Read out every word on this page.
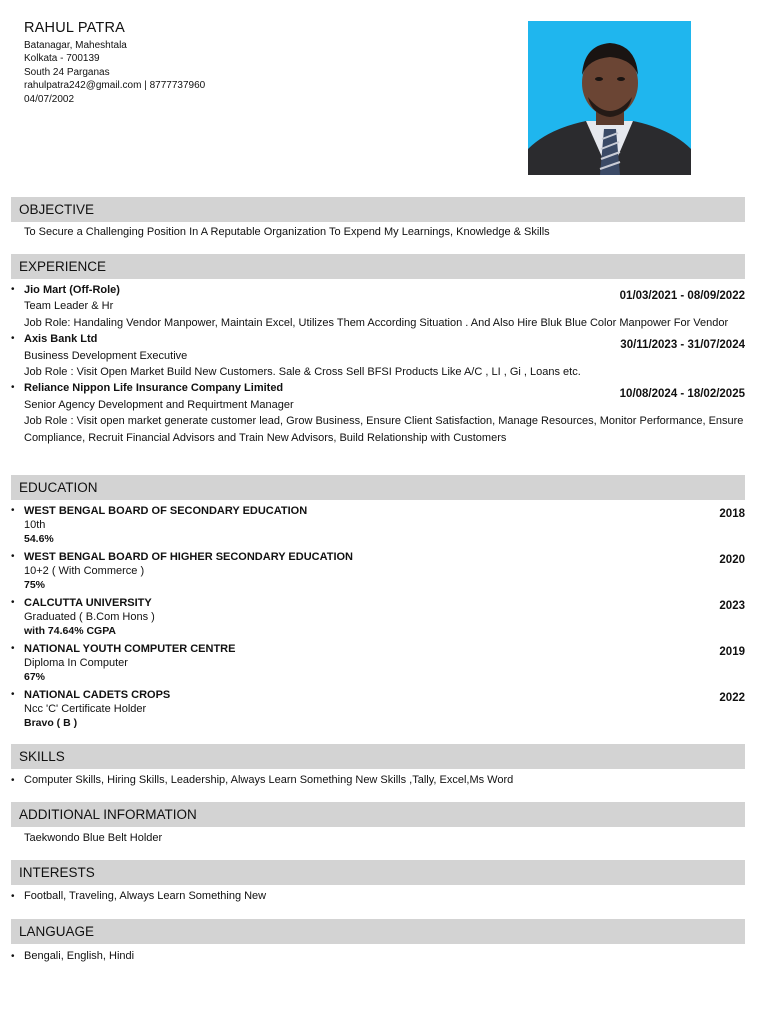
RAHUL PATRA
Batanagar, Maheshtala
Kolkata - 700139
South 24 Parganas
rahulpatra242@gmail.com | 8777737960
04/07/2002
OBJECTIVE
To Secure a Challenging Position In A Reputable Organization To Expend My Learnings, Knowledge & Skills
EXPERIENCE
• Jio Mart (Off-Role)	01/03/2021 - 08/09/2022
Team Leader & Hr
Job Role: Handaling Vendor Manpower, Maintain Excel, Utilizes Them According Situation . And Also Hire Bluk Blue Color Manpower For Vendor
• Axis Bank Ltd	30/11/2023 - 31/07/2024
Business Development Executive
Job Role : Visit Open Market Build New Customers. Sale & Cross Sell BFSI Products Like A/C , LI , Gi , Loans etc.
• Reliance Nippon Life Insurance Company Limited	10/08/2024 - 18/02/2025
Senior Agency Development and Requirtment Manager
Job Role : Visit open market generate customer lead, Grow Business, Ensure Client Satisfaction, Manage Resources, Monitor Performance, Ensure Compliance, Recruit Financial Advisors and Train New Advisors, Build Relationship with Customers
EDUCATION
• WEST BENGAL BOARD OF SECONDARY EDUCATION	2018
10th
54.6%
• WEST BENGAL BOARD OF HIGHER SECONDARY EDUCATION	2020
10+2 ( With Commerce )
75%
• CALCUTTA UNIVERSITY	2023
Graduated ( B.Com Hons )
with 74.64% CGPA
• NATIONAL YOUTH COMPUTER CENTRE	2019
Diploma In Computer
67%
• NATIONAL CADETS CROPS	2022
Ncc 'C' Certificate Holder
Bravo ( B )
SKILLS
• Computer Skills, Hiring Skills, Leadership, Always Learn Something New Skills ,Tally, Excel,Ms Word
ADDITIONAL INFORMATION
Taekwondo Blue Belt Holder
INTERESTS
• Football, Traveling, Always Learn Something New
LANGUAGE
• Bengali, English, Hindi
